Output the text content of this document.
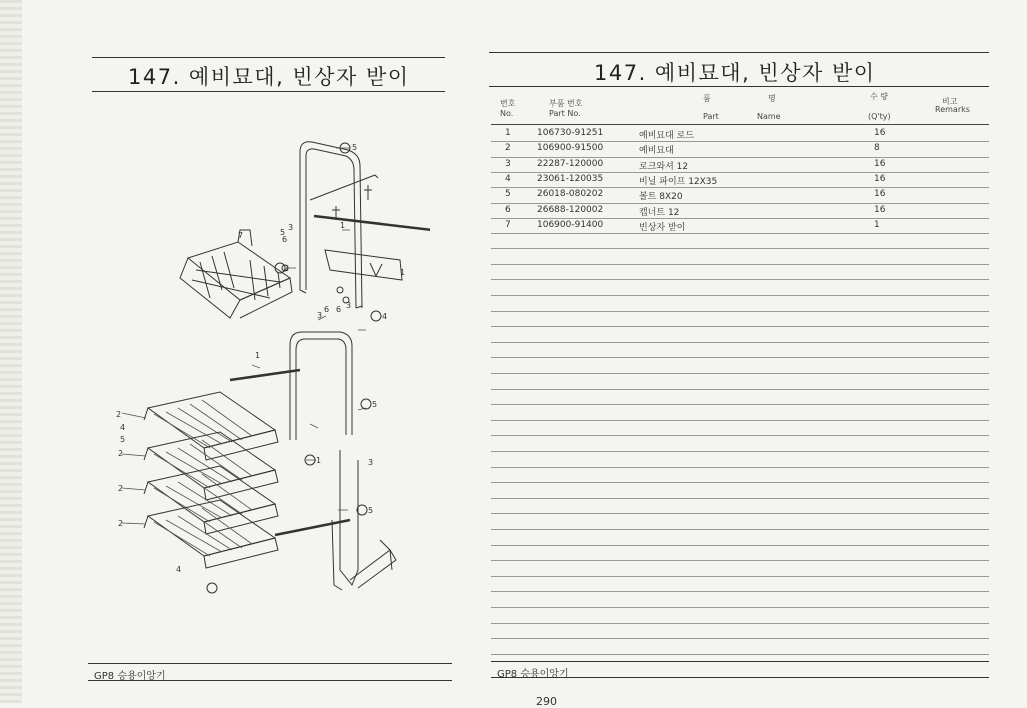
147. 예비묘대, 빈상자 받이
5
1
1
7	5
3
6
2
3
6
4
3
6
1
5
1	3
5
2
4
5
2
2
2
4
GP8 승용이앙기
147. 예비묘대, 빈상자 받이
번호
No.
부품 번호
Part No.
품	명
Part	Name
수 량
(Q'ty)
비고
Remarks
1	106730-91251	예비묘대 로드	16
2	106900-91500	예비묘대	8
3	22287-120000	로크와셔 12	16
4	23061-120035	비닐 파이프 12X35	16
5	26018-080202	볼트 8X20	16
6	26688-120002	캡너트 12	16
7	106900-91400	빈상자 받이	1
GP8 승용이앙기
290
